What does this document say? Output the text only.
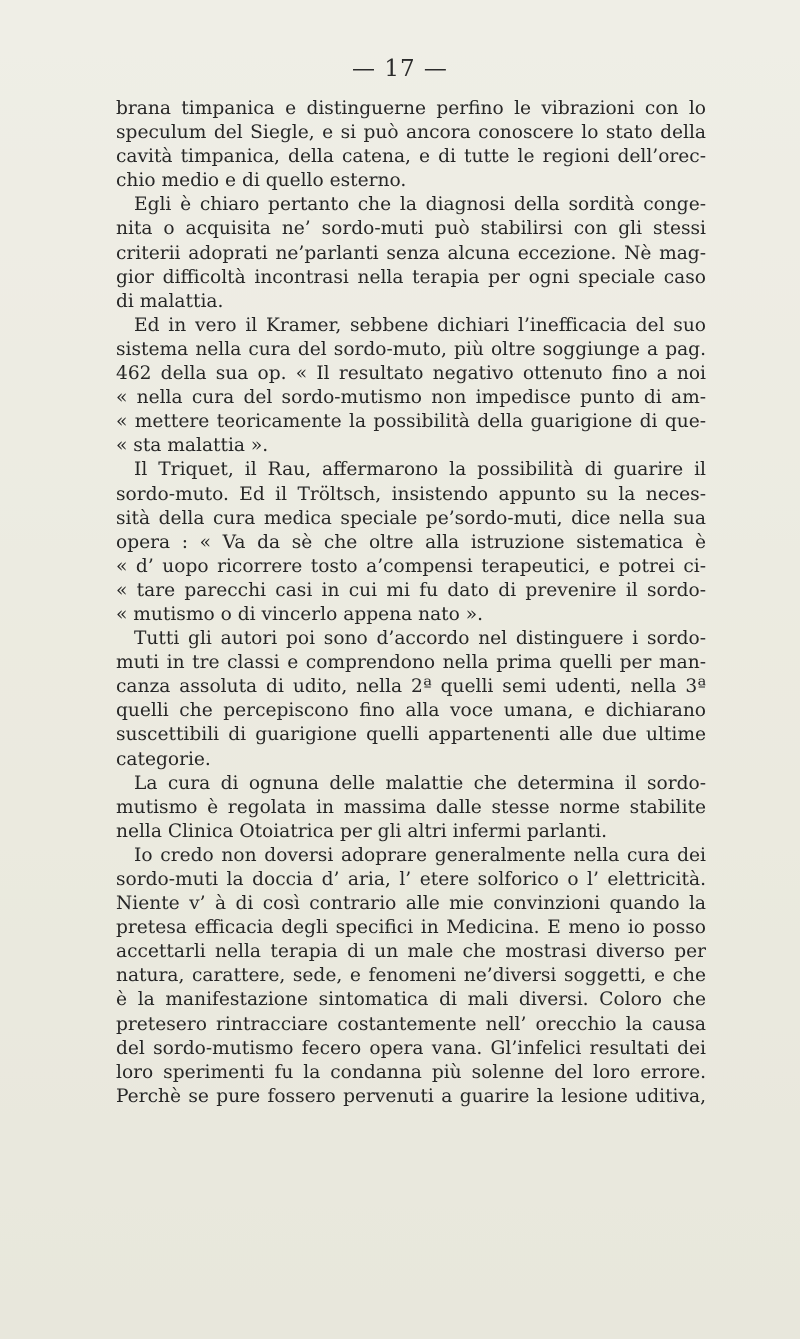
— 17 —
brana timpanica e distinguerne perfino le vibrazioni con lo
speculum del Siegle, e si può ancora conoscere lo stato della
cavità timpanica, della catena, e di tutte le regioni dell’orec-
chio medio e di quello esterno.
Egli è chiaro pertanto che la diagnosi della sordità conge-
nita o acquisita ne’ sordo-muti può stabilirsi con gli stessi
criterii adoprati ne’parlanti senza alcuna eccezione. Nè mag-
gior difficoltà incontrasi nella terapia per ogni speciale caso
di malattia.
Ed in vero il Kramer, sebbene dichiari l’inefficacia del suo
sistema nella cura del sordo-muto, più oltre soggiunge a pag.
462 della sua op. « Il resultato negativo ottenuto fino a noi
« nella cura del sordo-mutismo non impedisce punto di am-
« mettere teoricamente la possibilità della guarigione di que-
« sta malattia ».
Il Triquet, il Rau, affermarono la possibilità di guarire il
sordo-muto. Ed il Tröltsch, insistendo appunto su la neces-
sità della cura medica speciale pe’sordo-muti, dice nella sua
opera : « Va da sè che oltre alla istruzione sistematica è
« d’ uopo ricorrere tosto a’compensi terapeutici, e potrei ci-
« tare parecchi casi in cui mi fu dato di prevenire il sordo-
« mutismo o di vincerlo appena nato ».
Tutti gli autori poi sono d’accordo nel distinguere i sordo-
muti in tre classi e comprendono nella prima quelli per man-
canza assoluta di udito, nella 2ª quelli semi udenti, nella 3ª
quelli che percepiscono fino alla voce umana, e dichiarano
suscettibili di guarigione quelli appartenenti alle due ultime
categorie.
La cura di ognuna delle malattie che determina il sordo-
mutismo è regolata in massima dalle stesse norme stabilite
nella Clinica Otoiatrica per gli altri infermi parlanti.
Io credo non doversi adoprare generalmente nella cura dei
sordo-muti la doccia d’ aria, l’ etere solforico o l’ elettricità.
Niente v’ à di così contrario alle mie convinzioni quando la
pretesa efficacia degli specifici in Medicina. E meno io posso
accettarli nella terapia di un male che mostrasi diverso per
natura, carattere, sede, e fenomeni ne’diversi soggetti, e che
è la manifestazione sintomatica di mali diversi. Coloro che
pretesero rintracciare costantemente nell’ orecchio la causa
del sordo-mutismo fecero opera vana. Gl’infelici resultati dei
loro sperimenti fu la condanna più solenne del loro errore.
Perchè se pure fossero pervenuti a guarire la lesione uditiva,
